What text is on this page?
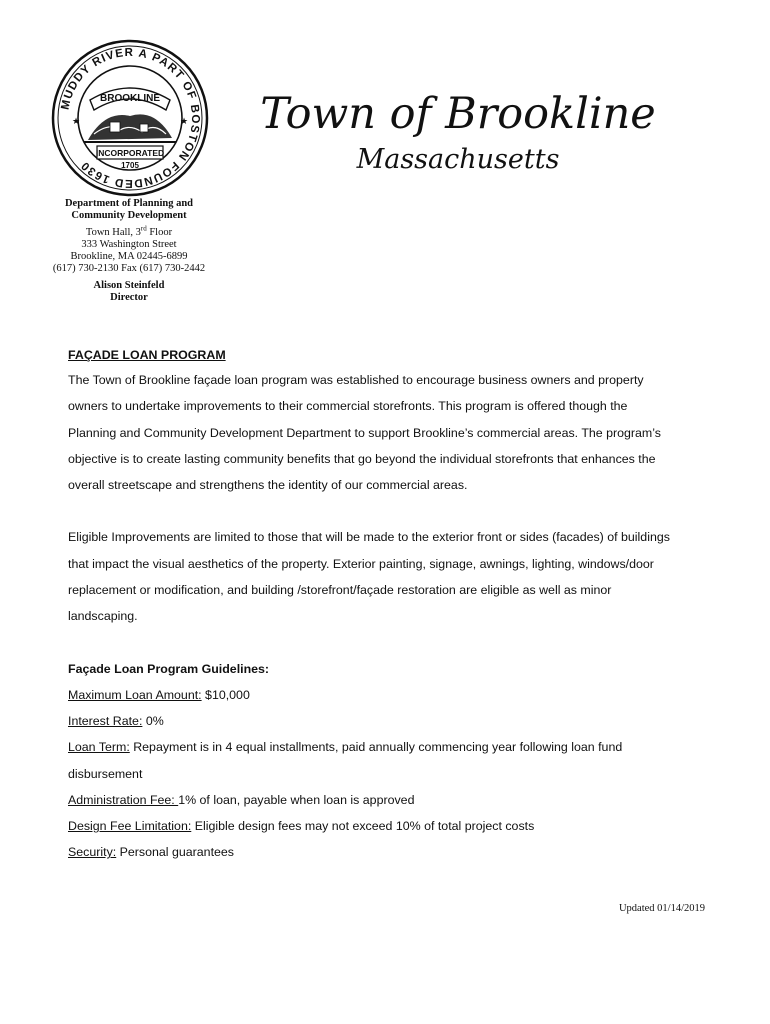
MUDDY RIVER A PART OF BOSTON FOUNDED 1630
BROOKLINE
INCORPORATED
1705
★	★ Town of Brookline
Massachusetts
Department of Planning and
Community Development
Town Hall, 3rd Floor
333 Washington Street
Brookline, MA 02445-6899
(617) 730-2130 Fax (617) 730-2442
Alison Steinfeld
Director

FAÇADE LOAN PROGRAM

The Town of Brookline façade loan program was established to encourage business owners and property

owners to undertake improvements to their commercial storefronts. This program is offered though the

Planning and Community Development Department to support Brookline’s commercial areas. The program’s

objective is to create lasting community benefits that go beyond the individual storefronts that enhances the

overall streetscape and strengthens the identity of our commercial areas.

Eligible Improvements are limited to those that will be made to the exterior front or sides (facades) of buildings

that impact the visual aesthetics of the property. Exterior painting, signage, awnings, lighting, windows/door

replacement or modification, and building /storefront/façade restoration are eligible as well as minor

landscaping.

Façade Loan Program Guidelines:

Maximum Loan Amount: $10,000

Interest Rate: 0%

Loan Term: Repayment is in 4 equal installments, paid annually commencing year following loan fund

disbursement

Administration Fee: 1% of loan, payable when loan is approved

Design Fee Limitation: Eligible design fees may not exceed 10% of total project costs

Security: Personal guarantees

Updated 01/14/2019
